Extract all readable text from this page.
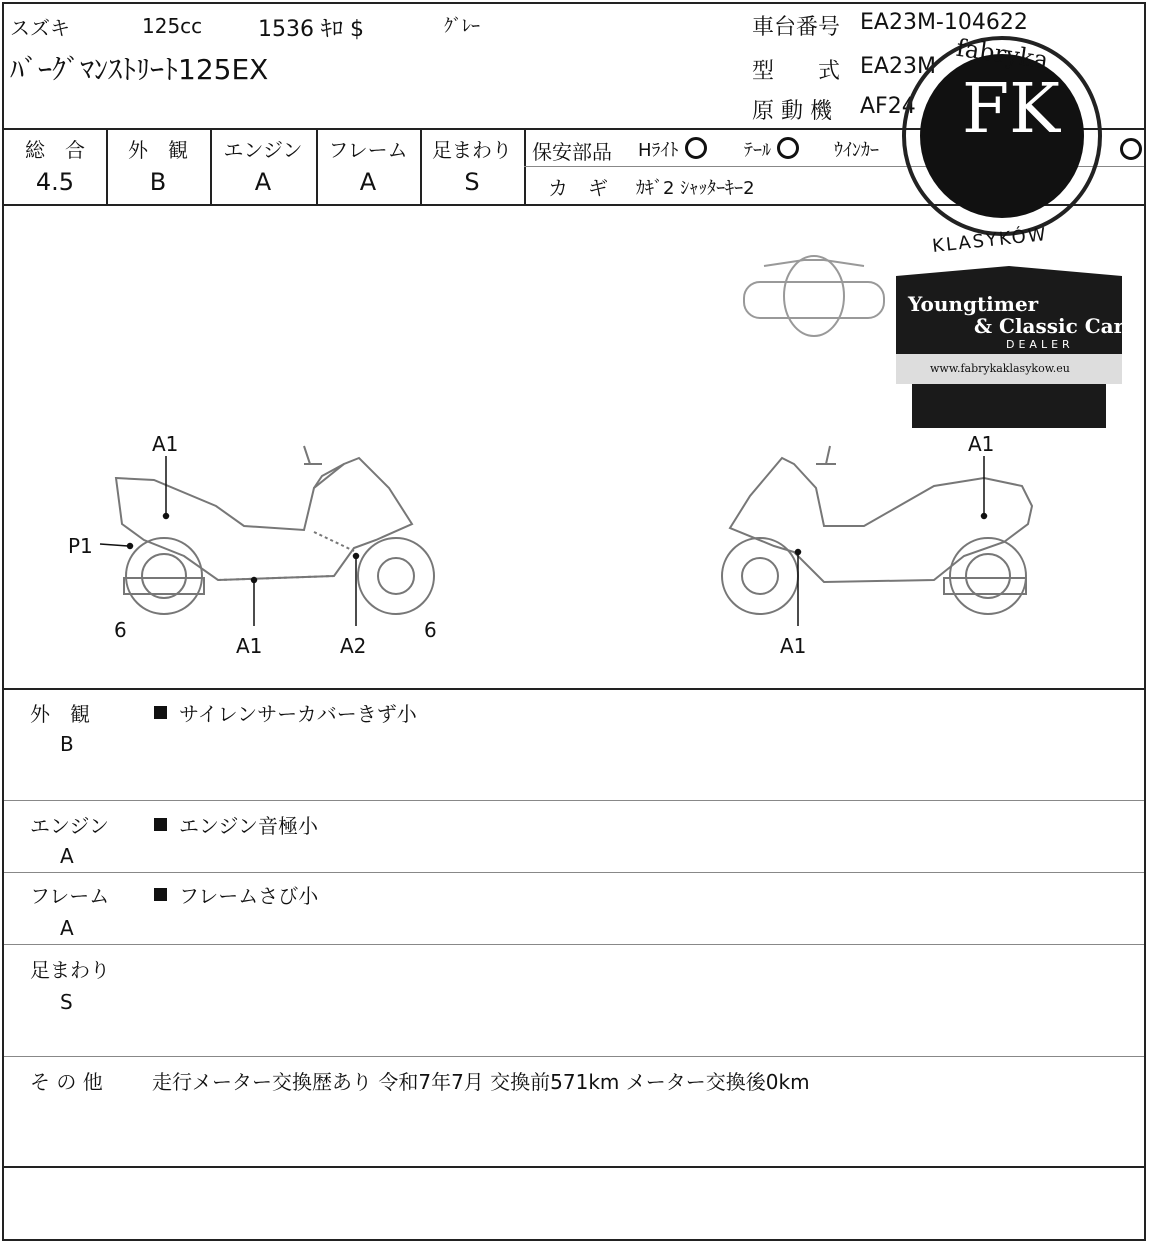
スズキ	125cc	1536 ｷﾛ $	ｸﾞﾚｰ
ﾊﾞｰｸﾞﾏﾝｽﾄﾘｰﾄ125EX
車台番号 EA23M-104622
型　　式 EA23M
原 動 機 AF24
総　合
4.5
外　観
B
エンジン
A
フレーム
A
足まわり
S
保安部品 Hﾗｲﾄ	ﾃｰﾙ	ｳｲﾝｶｰ
カ　ギ ｶｷﾞ2 ｼｬｯﾀｰｷｰ2
A1
P1
6
A1	A2
6
A1
A1
FK
fabryka
KLASYKÓW
Youngtimer
& Classic Car
DEALER
www.fabrykaklasykow.eu
外　観
B
サイレンサーカバーきず小
エンジン
A
エンジン音極小
フレーム
A
フレームさび小
足まわり
S
そ の 他 走行メーター交換歴あり 令和7年7月 交換前571km メーター交換後0km
